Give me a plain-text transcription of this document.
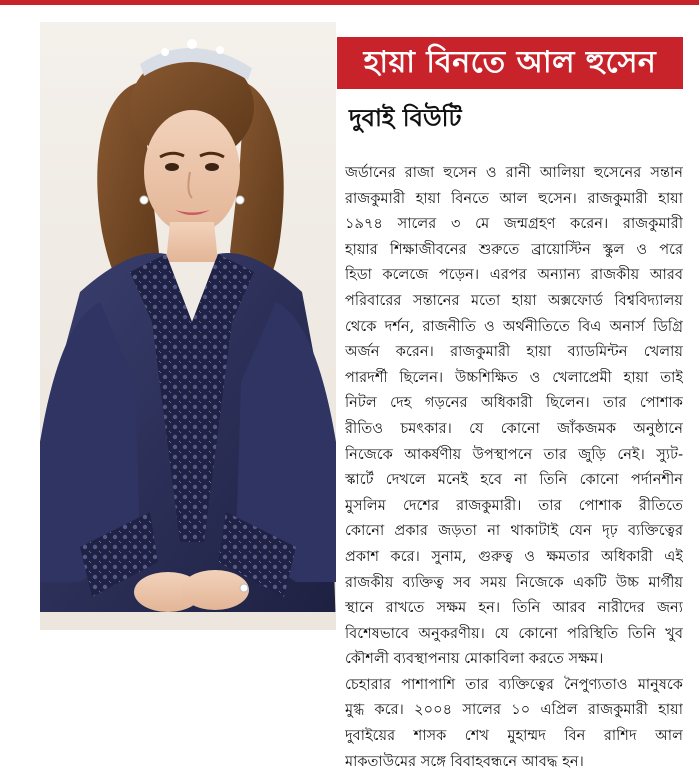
হায়া বিনতে আল হুসেন
দুবাই বিউটি
জর্ডানের রাজা হুসেন ও রানী আলিয়া হুসেনের সন্তান
রাজকুমারী হায়া বিনতে আল হুসেন। রাজকুমারী হায়া
১৯৭৪ সালের ৩ মে জন্মগ্রহণ করেন। রাজকুমারী
হায়ার শিক্ষাজীবনের শুরুতে ব্রায়োস্টিন স্কুল ও পরে
হিডা কলেজে পড়েন। এরপর অন্যান্য রাজকীয় আরব
পরিবারের সন্তানের মতো হায়া অক্সফোর্ড বিশ্ববিদ্যালয়
থেকে দর্শন, রাজনীতি ও অর্থনীতিতে বিএ অনার্স ডিগ্রি
অর্জন করেন। রাজকুমারী হায়া ব্যাডমিন্টন খেলায়
পারদর্শী ছিলেন। উচ্চশিক্ষিত ও খেলাপ্রেমী হায়া তাই
নিটল দেহ গড়নের অধিকারী ছিলেন। তার পোশাক
রীতিও চমৎকার। যে কোনো জাঁকজমক অনুষ্ঠানে
নিজেকে আকর্ষণীয় উপস্থাপনে তার জুড়ি নেই। স্যুট-
স্কার্টে দেখলে মনেই হবে না তিনি কোনো পর্দানশীন
মুসলিম দেশের রাজকুমারী। তার পোশাক রীতিতে
কোনো প্রকার জড়তা না থাকাটাই যেন দৃঢ় ব্যক্তিত্বের
প্রকাশ করে। সুনাম, গুরুত্ব ও ক্ষমতার অধিকারী এই
রাজকীয় ব্যক্তিত্ব সব সময় নিজেকে একটি উচ্চ মার্গীয়
স্থানে রাখতে সক্ষম হন। তিনি আরব নারীদের জন্য
বিশেষভাবে অনুকরণীয়। যে কোনো পরিস্থিতি তিনি খুব
কৌশলী ব্যবস্থাপনায় মোকাবিলা করতে সক্ষম।
চেহারার পাশাপাশি তার ব্যক্তিত্বের নৈপুণ্যতাও মানুষকে
মুগ্ধ করে। ২০০৪ সালের ১০ এপ্রিল রাজকুমারী হায়া
দুবাইয়ের শাসক শেখ মুহাম্মদ বিন রাশিদ আল
মাকতাউমের সঙ্গে বিবাহবন্ধনে আবদ্ধ হন।
